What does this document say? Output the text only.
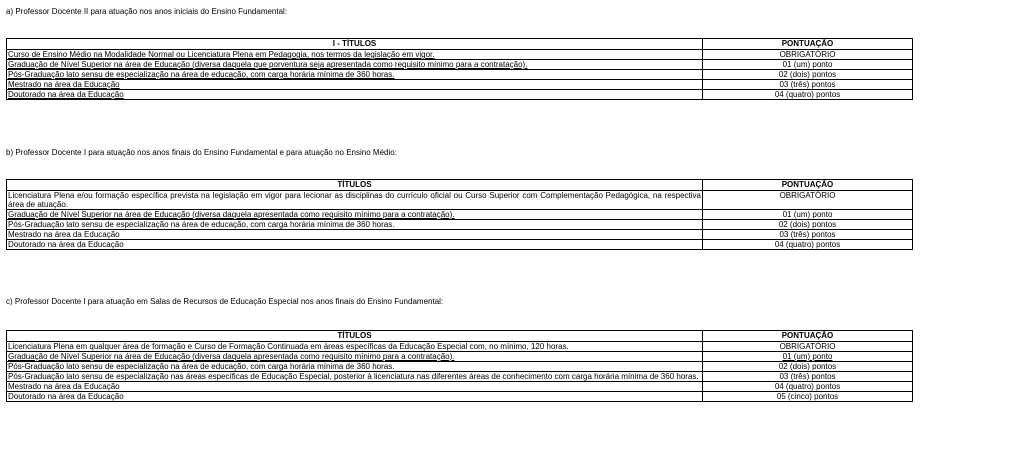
a) Professor Docente II para atuação nos anos iniciais do Ensino Fundamental:
I - TÍTULOS	PONTUAÇÃO
Curso de Ensino Médio na Modalidade Normal ou Licenciatura Plena em Pedagogia, nos termos da legislação em vigor.	OBRIGATÓRIO
Graduação de Nível Superior na área de Educação (diversa daquela que porventura seja apresentada como requisito mínimo para a contratação).	01 (um) ponto
Pós-Graduação lato sensu de especialização na área de educação, com carga horária mínima de 360 horas.	02 (dois) pontos
Mestrado na área da Educação	03 (três) pontos
Doutorado na área da Educação	04 (quatro) pontos
b) Professor Docente I para atuação nos anos finais do Ensino Fundamental e para atuação no Ensino Médio:
TÍTULOS	PONTUAÇÃO
Licenciatura Plena e/ou formação específica prevista na legislação em vigor para lecionar as disciplinas do currículo oficial ou Curso Superior com Complementação Pedagógica, na respectiva área de atuação.	OBRIGATÓRIO
Graduação de Nível Superior na área de Educação (diversa daquela apresentada como requisito mínimo para a contratação).	01 (um) ponto
Pós-Graduação lato sensu de especialização na área de educação, com carga horária mínima de 360 horas.	02 (dois) pontos
Mestrado na área da Educação	03 (três) pontos
Doutorado na área da Educação	04 (quatro) pontos
c) Professor Docente I para atuação em Salas de Recursos de Educação Especial nos anos finais do Ensino Fundamental:
TÍTULOS	PONTUAÇÃO
Licenciatura Plena em qualquer área de formação e Curso de Formação Continuada em áreas específicas da Educação Especial com, no mínimo, 120 horas.	OBRIGATÓRIO
Graduação de Nível Superior na área de Educação (diversa daquela apresentada como requisito mínimo para a contratação).	01 (um) ponto
Pós-Graduação lato sensu de especialização na área de educação, com carga horária mínima de 360 horas.	02 (dois) pontos
Pós-Graduação lato sensu de especialização nas áreas específicas de Educação Especial, posterior à licenciatura nas diferentes áreas de conhecimento com carga horária mínima de 360 horas.	03 (três) pontos
Mestrado na área da Educação	04 (quatro) pontos
Doutorado na área da Educação	05 (cinco) pontos
